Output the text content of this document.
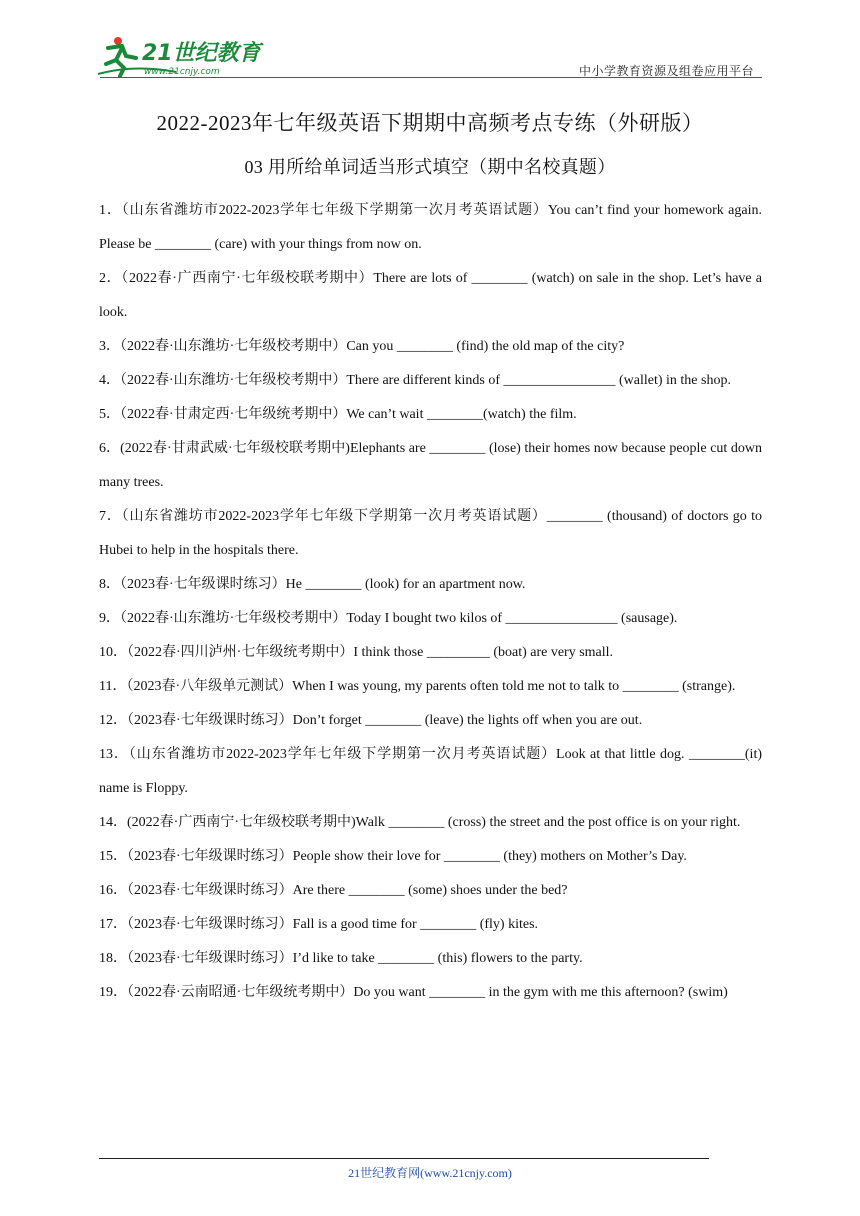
21世纪教育
www.21cnjy.com	中小学教育资源及组卷应用平台
2022-2023年七年级英语下期期中高频考点专练（外研版）
03 用所给单词适当形式填空（期中名校真题）

1．（山东省潍坊市2022-2023学年七年级下学期第一次月考英语试题）You can’t find your homework again. Please be ________ (care) with your things from now on.

2．（2022春·广西南宁·七年级校联考期中）There are lots of ________ (watch) on sale in the shop. Let’s have a look.

3．（2022春·山东潍坊·七年级校考期中）Can you ________ (find) the old map of the city?

4．（2022春·山东潍坊·七年级校考期中）There are different kinds of ________________ (wallet) in the shop.

5．（2022春·甘肃定西·七年级统考期中）We can’t wait ________(watch) the film.

6．(2022春·甘肃武威·七年级校联考期中)Elephants are ________ (lose) their homes now because people cut down many trees.

7．（山东省潍坊市2022-2023学年七年级下学期第一次月考英语试题）________ (thousand) of doctors go to Hubei to help in the hospitals there.

8．（2023春·七年级课时练习）He ________ (look) for an apartment now.

9．（2022春·山东潍坊·七年级校考期中）Today I bought two kilos of ________________ (sausage).

10．（2022春·四川泸州·七年级统考期中）I think those _________ (boat) are very small.

11．（2023春·八年级单元测试）When I was young, my parents often told me not to talk to ________ (strange).

12．（2023春·七年级课时练习）Don’t forget ________ (leave) the lights off when you are out.

13．（山东省潍坊市2022-2023学年七年级下学期第一次月考英语试题）Look at that little dog. ________(it) name is Floppy.

14．(2022春·广西南宁·七年级校联考期中)Walk ________ (cross) the street and the post office is on your right.

15．（2023春·七年级课时练习）People show their love for ________ (they) mothers on Mother’s Day.

16．（2023春·七年级课时练习）Are there ________ (some) shoes under the bed?

17．（2023春·七年级课时练习）Fall is a good time for ________ (fly) kites.

18．（2023春·七年级课时练习）I’d like to take ________ (this) flowers to the party.

19．（2022春·云南昭通·七年级统考期中）Do you want ________ in the gym with me this afternoon? (swim)

21世纪教育网(www.21cnjy.com)
